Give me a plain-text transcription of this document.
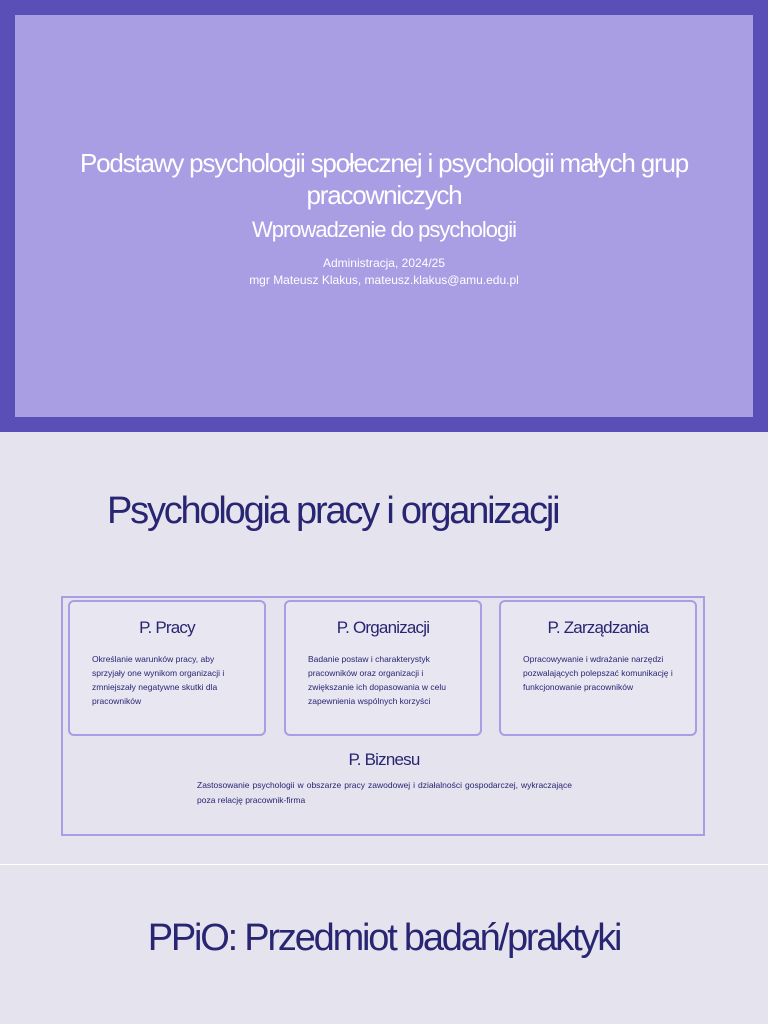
Podstawy psychologii społecznej i psychologii małych grup pracowniczych
Wprowadzenie do psychologii
Administracja, 2024/25
mgr Mateusz Klakus, mateusz.klakus@amu.edu.pl
Psychologia pracy i organizacji
P. Pracy
Określanie warunków pracy, aby sprzyjały one wynikom organizacji i zmniejszały negatywne skutki dla pracowników
P. Organizacji
Badanie postaw i charakterystyk pracowników oraz organizacji i zwiększanie ich dopasowania w celu zapewnienia wspólnych korzyści
P. Zarządzania
Opracowywanie i wdrażanie narzędzi pozwalających polepszać komunikację i funkcjonowanie pracowników
P. Biznesu
Zastosowanie psychologii w obszarze pracy zawodowej i działalności gospodarczej, wykraczające poza relację pracownik-firma
PPiO: Przedmiot badań/praktyki
